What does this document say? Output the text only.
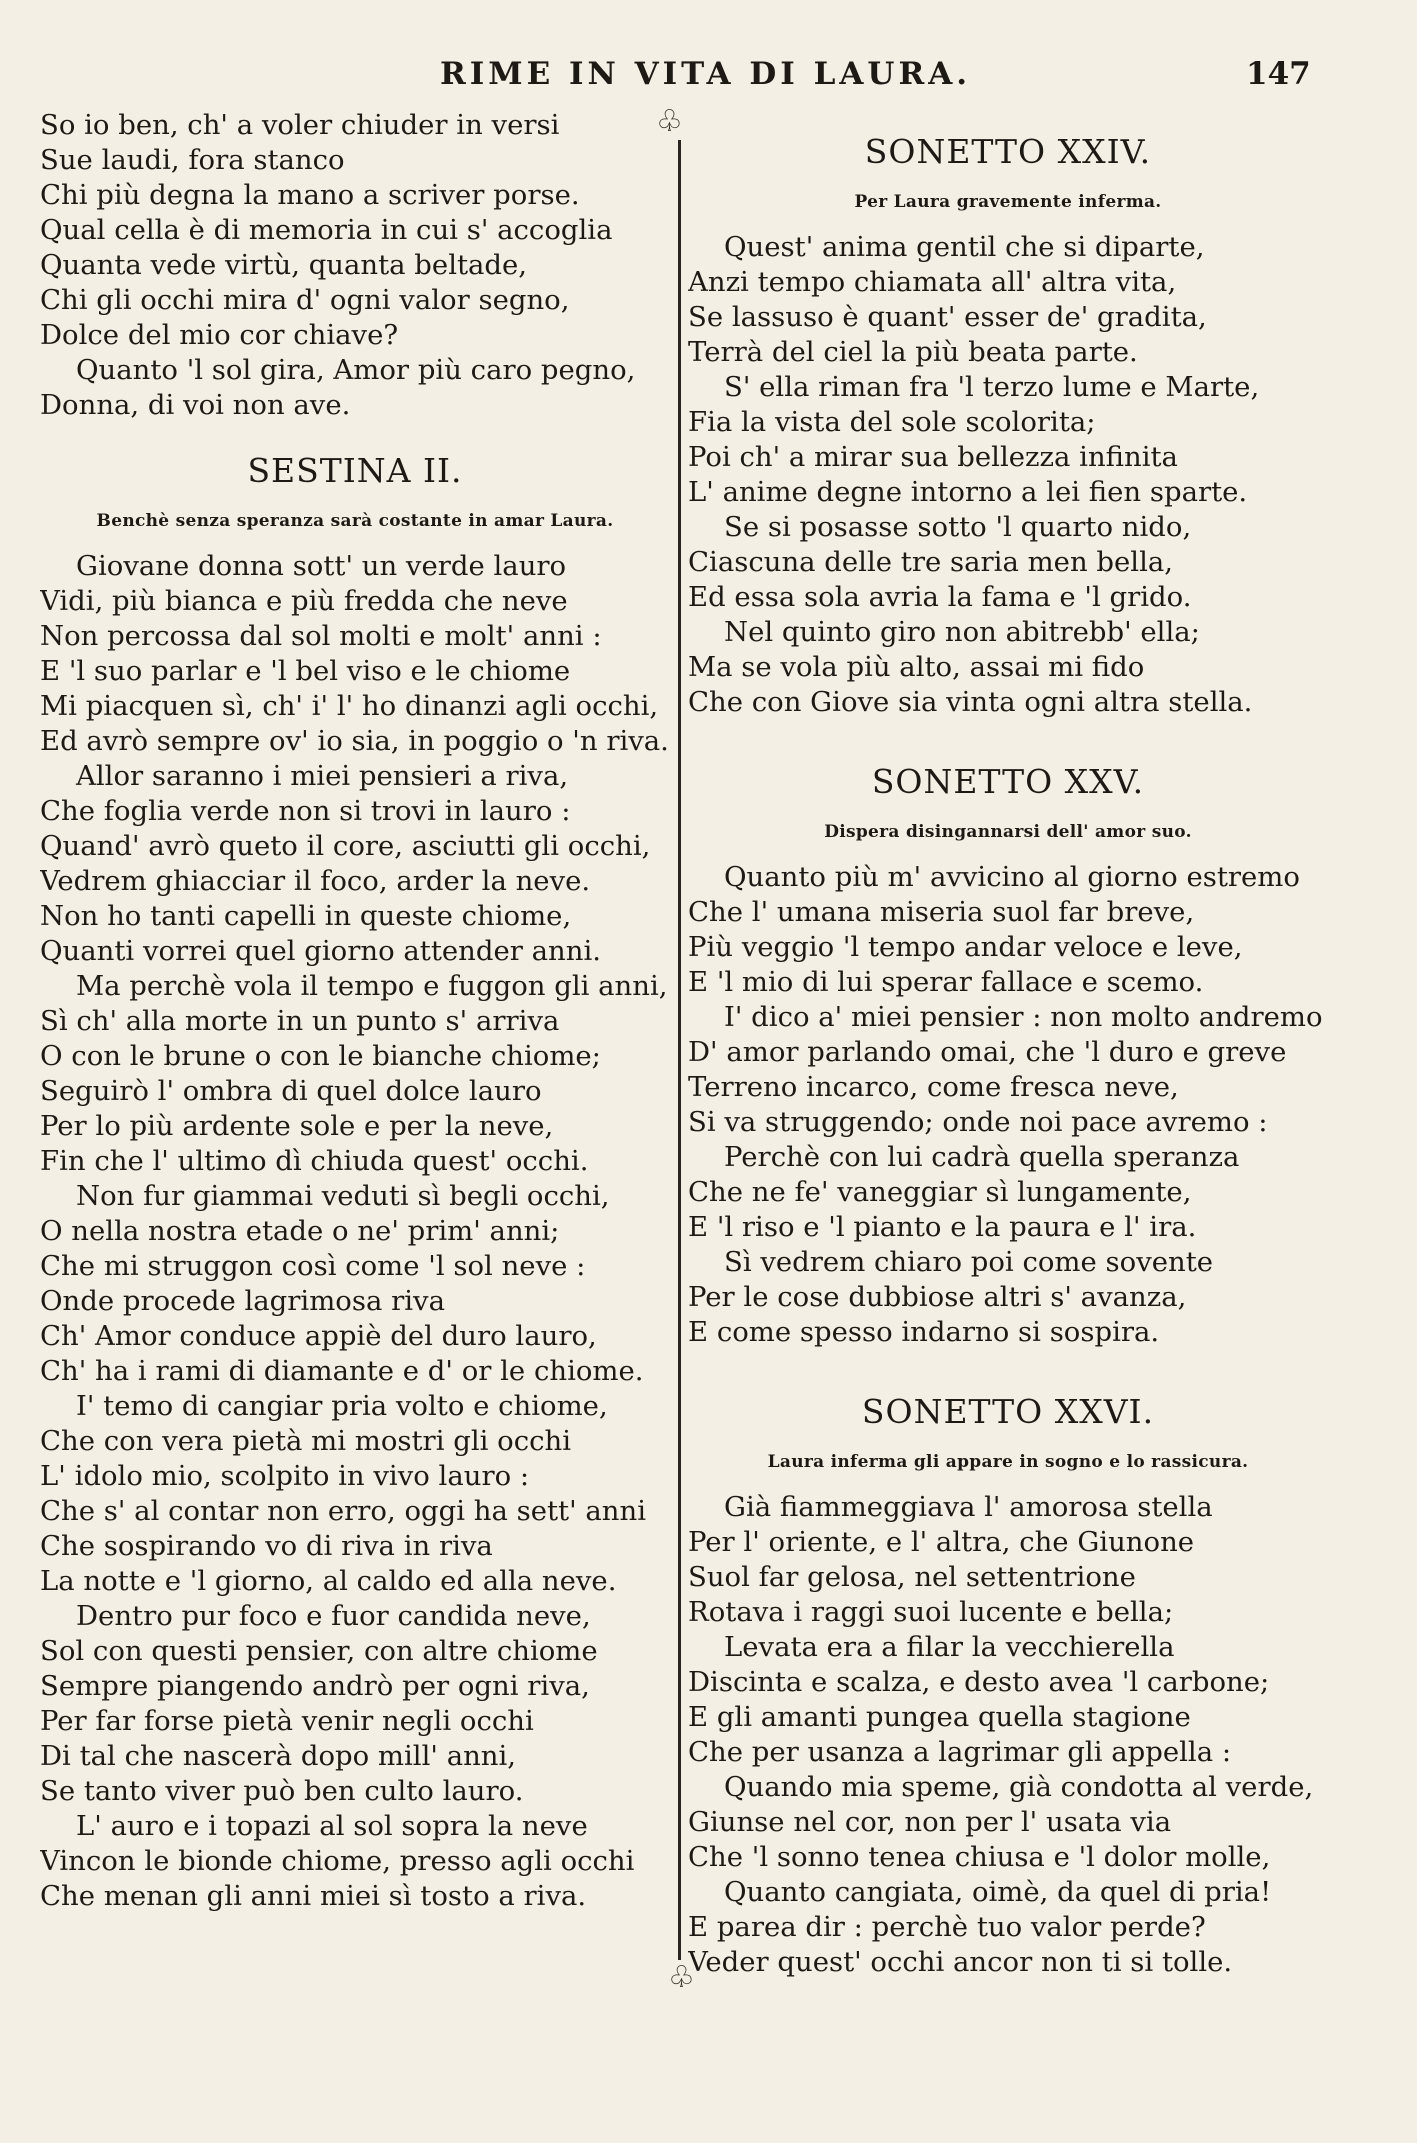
RIME IN VITA DI LAURA.	147
♧
♧
So io ben, ch' a voler chiuder in versi
Sue laudi, fora stanco
Chi più degna la mano a scriver porse.
Qual cella è di memoria in cui s' accoglia
Quanta vede virtù, quanta beltade,
Chi gli occhi mira d' ogni valor segno,
Dolce del mio cor chiave?
Quanto 'l sol gira, Amor più caro pegno,
Donna, di voi non ave.
SESTINA II.
Benchè senza speranza sarà costante in amar Laura.
Giovane donna sott' un verde lauro
Vidi, più bianca e più fredda che neve
Non percossa dal sol molti e molt' anni :
E 'l suo parlar e 'l bel viso e le chiome
Mi piacquen sì, ch' i' l' ho dinanzi agli occhi,
Ed avrò sempre ov' io sia, in poggio o 'n riva.
Allor saranno i miei pensieri a riva,
Che foglia verde non si trovi in lauro :
Quand' avrò queto il core, asciutti gli occhi,
Vedrem ghiacciar il foco, arder la neve.
Non ho tanti capelli in queste chiome,
Quanti vorrei quel giorno attender anni.
Ma perchè vola il tempo e fuggon gli anni,
Sì ch' alla morte in un punto s' arriva
O con le brune o con le bianche chiome;
Seguirò l' ombra di quel dolce lauro
Per lo più ardente sole e per la neve,
Fin che l' ultimo dì chiuda quest' occhi.
Non fur giammai veduti sì begli occhi,
O nella nostra etade o ne' prim' anni;
Che mi struggon così come 'l sol neve :
Onde procede lagrimosa riva
Ch' Amor conduce appiè del duro lauro,
Ch' ha i rami di diamante e d' or le chiome.
I' temo di cangiar pria volto e chiome,
Che con vera pietà mi mostri gli occhi
L' idolo mio, scolpito in vivo lauro :
Che s' al contar non erro, oggi ha sett' anni
Che sospirando vo di riva in riva
La notte e 'l giorno, al caldo ed alla neve.
Dentro pur foco e fuor candida neve,
Sol con questi pensier, con altre chiome
Sempre piangendo andrò per ogni riva,
Per far forse pietà venir negli occhi
Di tal che nascerà dopo mill' anni,
Se tanto viver può ben culto lauro.
L' auro e i topazi al sol sopra la neve
Vincon le bionde chiome, presso agli occhi
Che menan gli anni miei sì tosto a riva.
SONETTO XXIV.
Per Laura gravemente inferma.
Quest' anima gentil che si diparte,
Anzi tempo chiamata all' altra vita,
Se lassuso è quant' esser de' gradita,
Terrà del ciel la più beata parte.
S' ella riman fra 'l terzo lume e Marte,
Fia la vista del sole scolorita;
Poi ch' a mirar sua bellezza infinita
L' anime degne intorno a lei fien sparte.
Se si posasse sotto 'l quarto nido,
Ciascuna delle tre saria men bella,
Ed essa sola avria la fama e 'l grido.
Nel quinto giro non abitrebb' ella;
Ma se vola più alto, assai mi fido
Che con Giove sia vinta ogni altra stella.
SONETTO XXV.
Dispera disingannarsi dell' amor suo.
Quanto più m' avvicino al giorno estremo
Che l' umana miseria suol far breve,
Più veggio 'l tempo andar veloce e leve,
E 'l mio di lui sperar fallace e scemo.
I' dico a' miei pensier : non molto andremo
D' amor parlando omai, che 'l duro e greve
Terreno incarco, come fresca neve,
Si va struggendo; onde noi pace avremo :
Perchè con lui cadrà quella speranza
Che ne fe' vaneggiar sì lungamente,
E 'l riso e 'l pianto e la paura e l' ira.
Sì vedrem chiaro poi come sovente
Per le cose dubbiose altri s' avanza,
E come spesso indarno si sospira.
SONETTO XXVI.
Laura inferma gli appare in sogno e lo rassicura.
Già fiammeggiava l' amorosa stella
Per l' oriente, e l' altra, che Giunone
Suol far gelosa, nel settentrione
Rotava i raggi suoi lucente e bella;
Levata era a filar la vecchierella
Discinta e scalza, e desto avea 'l carbone;
E gli amanti pungea quella stagione
Che per usanza a lagrimar gli appella :
Quando mia speme, già condotta al verde,
Giunse nel cor, non per l' usata via
Che 'l sonno tenea chiusa e 'l dolor molle,
Quanto cangiata, oimè, da quel di pria!
E parea dir : perchè tuo valor perde?
Veder quest' occhi ancor non ti si tolle.
